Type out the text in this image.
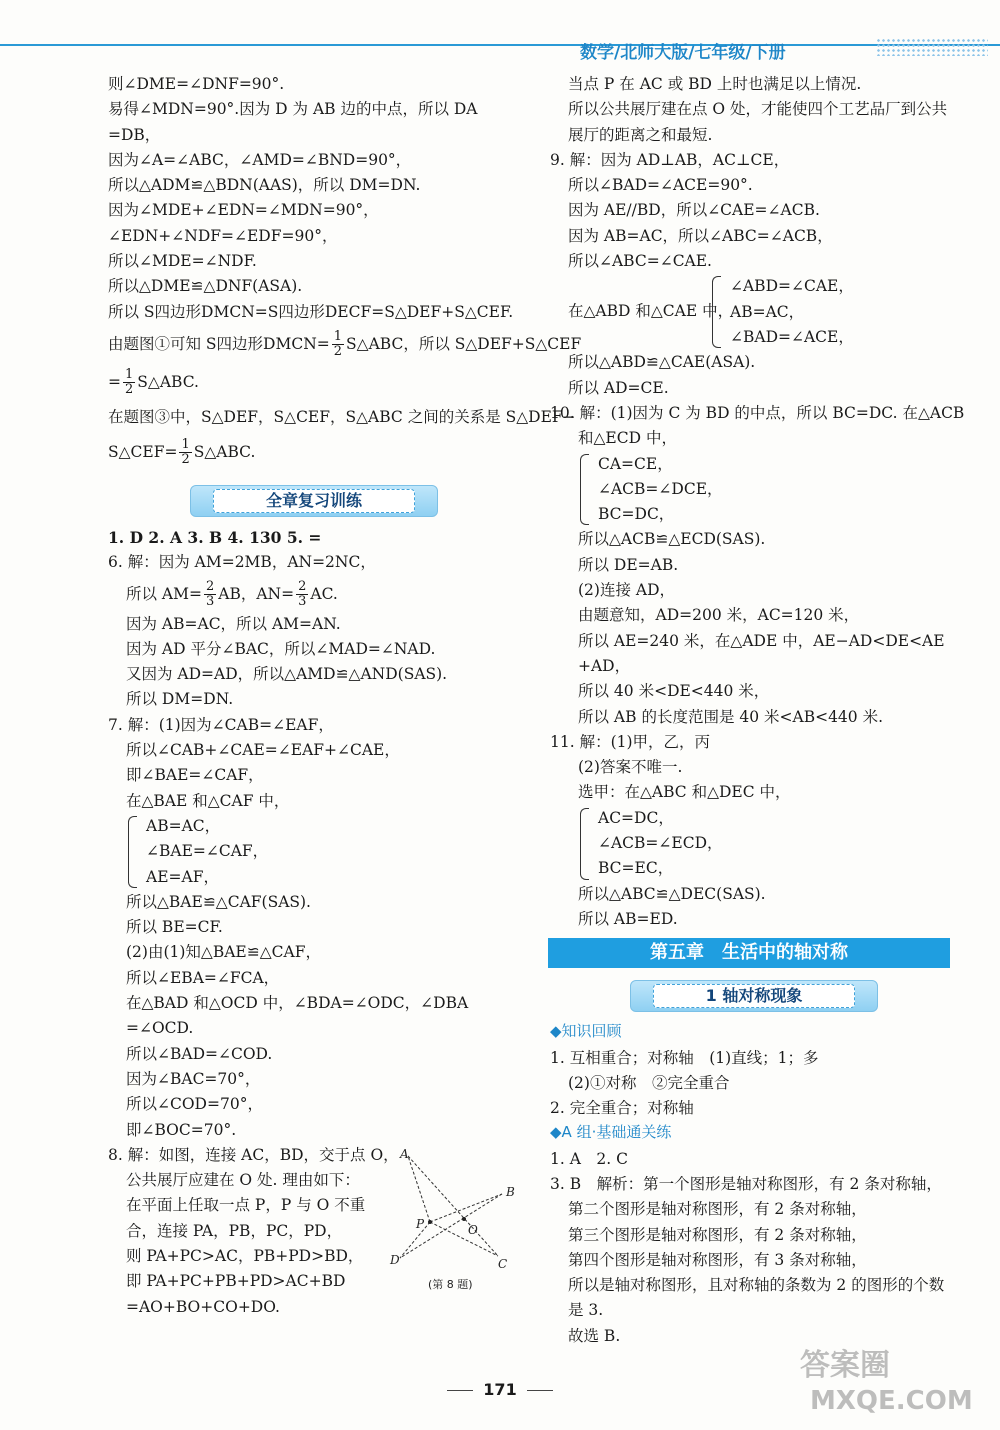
数学/北师大版/七年级/下册
则∠DME=∠DNF=90°.
易得∠MDN=90°.因为 D 为 AB 边的中点，所以 DA
=DB，
因为∠A=∠ABC，∠AMD=∠BND=90°，
所以△ADM≌△BDN(AAS)，所以 DM=DN.
因为∠MDE+∠EDN=∠MDN=90°，
∠EDN+∠NDF=∠EDF=90°，
所以∠MDE=∠NDF.
所以△DME≌△DNF(ASA).
所以 S四边形DMCN=S四边形DECF=S△DEF+S△CEF.
由题图①可知 S四边形DMCN= $\frac{1}{2}$ S△ABC，所以 S△DEF+S△CEF
= $\frac{1}{2}$ S△ABC.
在题图③中，S△DEF，S△CEF，S△ABC 之间的关系是 S△DEF−
S△CEF= $\frac{1}{2}$ S△ABC.
全章复习训练
1. D 2. A 3. B 4. 130 5. =
6. 解：因为 AM=2MB，AN=2NC，
所以 $AM= \frac{2}{3}$ AB，$AN= \frac{2}{3}$ AC.
因为 AB=AC，所以 AM=AN.
因为 AD 平分∠BAC，所以∠MAD=∠NAD.
又因为 AD=AD，所以△AMD≌△AND(SAS).
所以 DM=DN.
7. 解：(1)因为∠CAB=∠EAF，
所以∠CAB+∠CAE=∠EAF+∠CAE，
即∠BAE=∠CAF，
在△BAE 和△CAF 中，
AB=AC，
∠BAE=∠CAF，
AE=AF，
所以△BAE≌△CAF(SAS).
所以 BE=CF.
(2)由(1)知△BAE≌△CAF，
所以∠EBA=∠FCA，
在△BAD 和△OCD 中，∠BDA=∠ODC，∠DBA
=∠OCD.
所以∠BAD=∠COD.
因为∠BAC=70°，
所以∠COD=70°，
即∠BOC=70°.
8. 解：如图，连接 AC，BD，交于点 O，
公共展厅应建在 O 处. 理由如下：
在平面上任取一点 P，P 与 O 不重
合，连接 PA，PB，PC，PD，
则 PA+PC>AC，PB+PD>BD，
即 PA+PC+PB+PD>AC+BD
=AO+BO+CO+DO.
A
B
P	O
D	C
(第 8 题)
当点 P 在 AC 或 BD 上时也满足以上情况.
所以公共展厅建在点 O 处，才能使四个工艺品厂到公共
展厅的距离之和最短.
9. 解：因为 AD⊥AB，AC⊥CE，
所以∠BAD=∠ACE=90°.
因为 AE//BD，所以∠CAE=∠ACB.
因为 AB=AC，所以∠ABC=∠ACB，
所以∠ABC=∠CAE.
在△ABD 和△CAE 中，
∠ABD=∠CAE，
AB=AC，
∠BAD=∠ACE，
所以△ABD≌△CAE(ASA).
所以 AD=CE.
10. 解：(1)因为 C 为 BD 的中点，所以 BC=DC. 在△ACB
和△ECD 中，
CA=CE，
∠ACB=∠DCE，
BC=DC，
所以△ACB≌△ECD(SAS).
所以 DE=AB.
(2)连接 AD，
由题意知，AD=200 米，AC=120 米，
所以 AE=240 米，在△ADE 中，AE−AD<DE<AE
+AD，
所以 40 米<DE<440 米，
所以 AB 的长度范围是 40 米<AB<440 米.
11. 解：(1)甲，乙，丙
(2)答案不唯一.
选甲：在△ABC 和△DEC 中，
AC=DC，
∠ACB=∠ECD，
BC=EC，
所以△ABC≌△DEC(SAS).
所以 AB=ED.
第五章　生活中的轴对称
1 轴对称现象
◆知识回顾
1. 互相重合；对称轴　(1)直线；1；多
(2)①对称　②完全重合
2. 完全重合；对称轴
◆A 组·基础通关练
1. A　2. C
3. B　解析：第一个图形是轴对称图形，有 2 条对称轴，
第二个图形是轴对称图形，有 2 条对称轴，
第三个图形是轴对称图形，有 2 条对称轴，
第四个图形是轴对称图形，有 3 条对称轴，
所以是轴对称图形，且对称轴的条数为 2 的图形的个数
是 3.
故选 B.
171
答案圈
MXQE.COM
